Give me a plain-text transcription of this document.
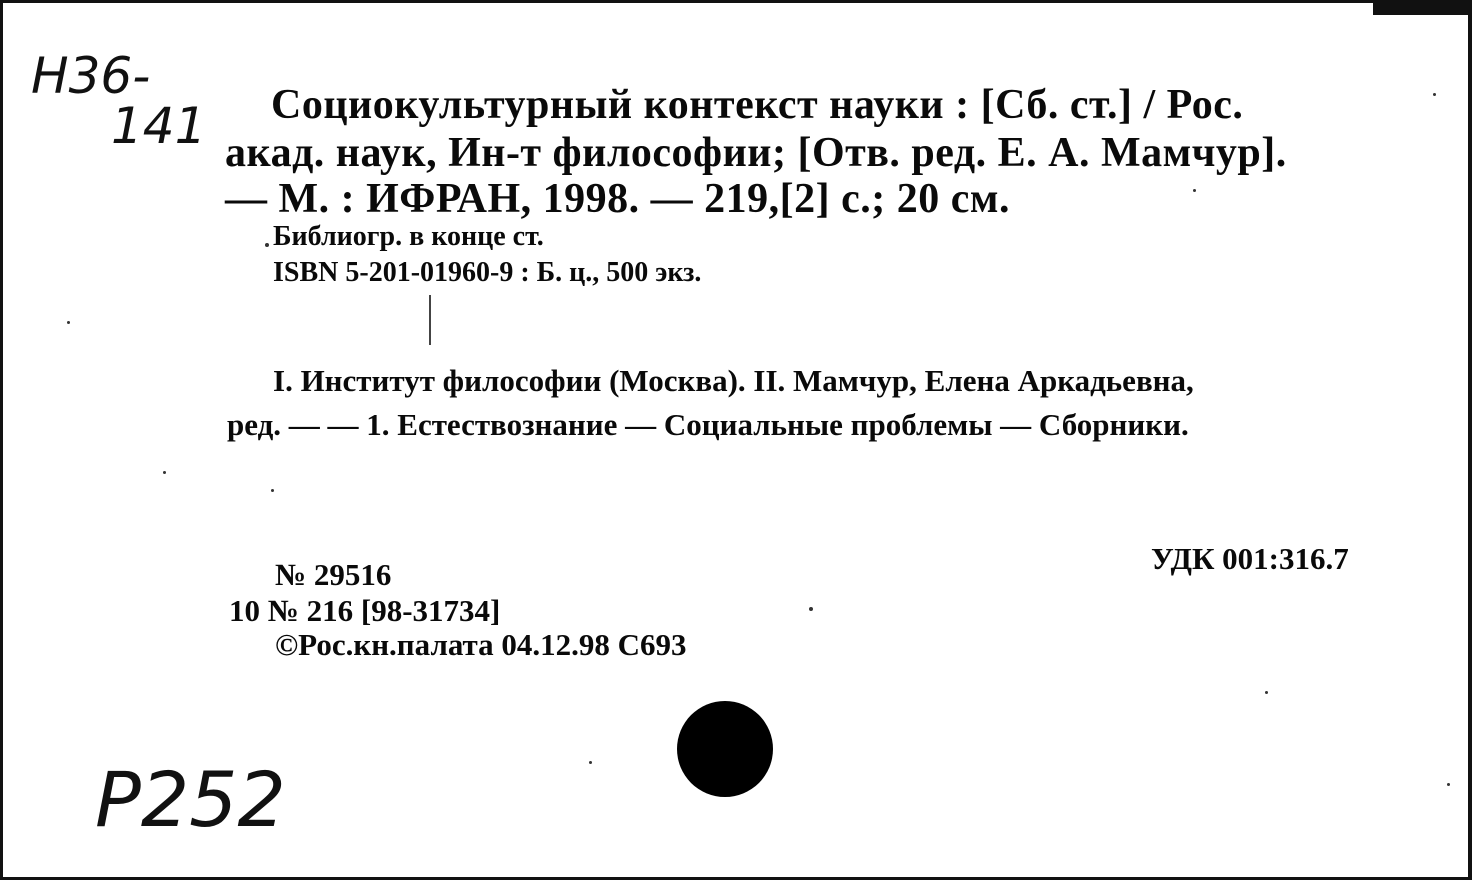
Н36-
141 Социокультурный контекст науки : [Сб. ст.] / Рос.
акад. наук, Ин-т философии; [Отв. ред. Е. А. Мамчур].
— М. : ИФРАН, 1998. — 219,[2] с.; 20 см.
Библиогр. в конце ст.
ISBN 5-201-01960-9 : Б. ц., 500 экз.
I. Институт философии (Москва). II. Мамчур, Елена Аркадьевна,
ред. — — 1. Естествознание — Социальные проблемы — Сборники.
№ 29516
10 № 216 [98-31734]
©Рос.кн.палата 04.12.98 С693
УДК 001:316.7
Р252
